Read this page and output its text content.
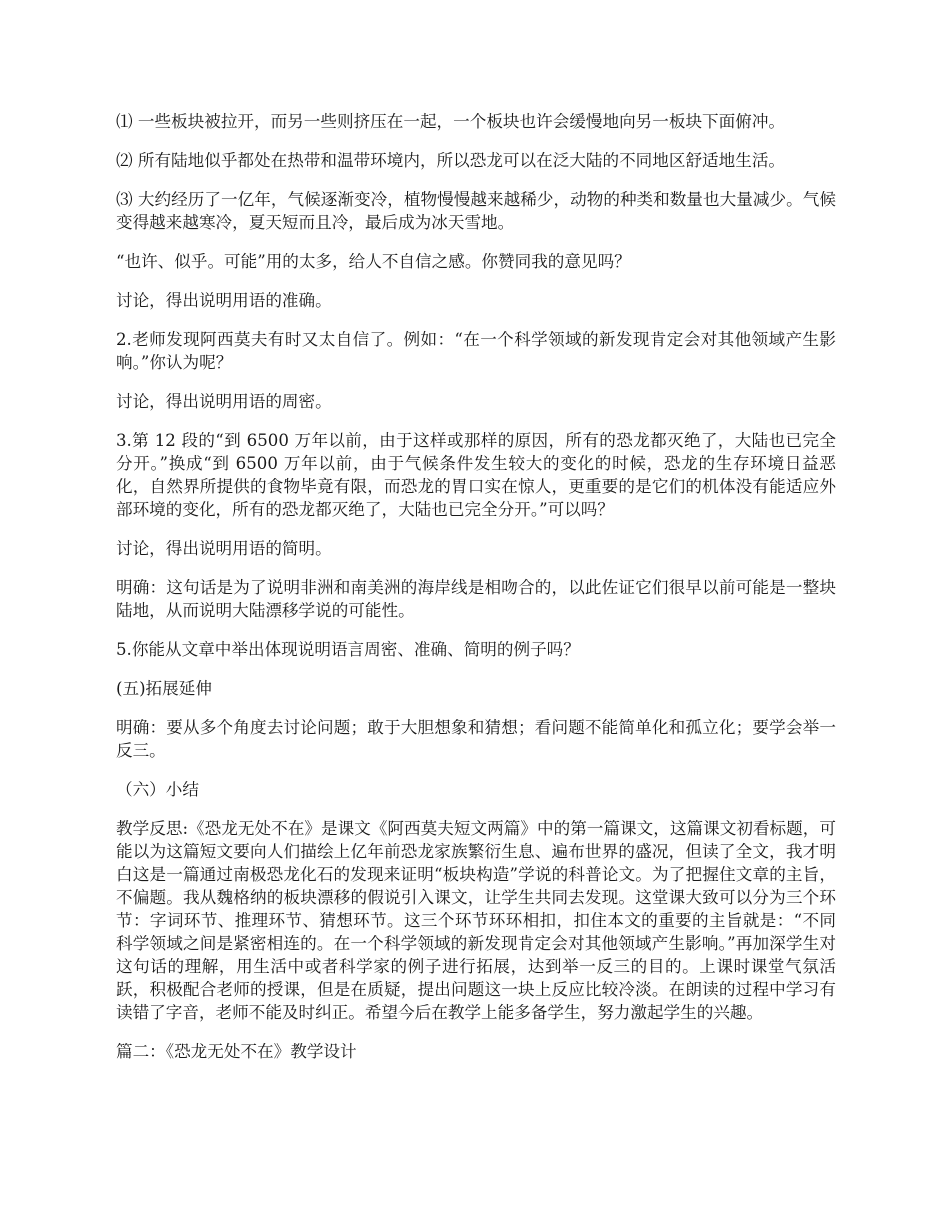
⑴ 一些板块被拉开，而另一些则挤压在一起，一个板块也许会缓慢地向另一板块下面俯冲。

⑵ 所有陆地似乎都处在热带和温带环境内，所以恐龙可以在泛大陆的不同地区舒适地生活。

⑶ 大约经历了一亿年，气候逐渐变冷，植物慢慢越来越稀少，动物的种类和数量也大量减少。气候变得越来越寒冷，夏天短而且冷，最后成为冰天雪地。

“也许、似乎。可能”用的太多，给人不自信之感。你赞同我的意见吗？

讨论，得出说明用语的准确。

2.老师发现阿西莫夫有时又太自信了。例如：“在一个科学领域的新发现肯定会对其他领域产生影响。”你认为呢？

讨论，得出说明用语的周密。

3.第 12 段的“到 6500 万年以前，由于这样或那样的原因，所有的恐龙都灭绝了，大陆也已完全分开。”换成“到 6500 万年以前，由于气候条件发生较大的变化的时候，恐龙的生存环境日益恶化，自然界所提供的食物毕竟有限，而恐龙的胃口实在惊人，更重要的是它们的机体没有能适应外部环境的变化，所有的恐龙都灭绝了，大陆也已完全分开。”可以吗？

讨论，得出说明用语的简明。

明确：这句话是为了说明非洲和南美洲的海岸线是相吻合的，以此佐证它们很早以前可能是一整块陆地，从而说明大陆漂移学说的可能性。

5.你能从文章中举出体现说明语言周密、准确、简明的例子吗？

(五)拓展延伸

明确：要从多个角度去讨论问题；敢于大胆想象和猜想；看问题不能简单化和孤立化；要学会举一反三。

（六）小结

教学反思:《恐龙无处不在》是课文《阿西莫夫短文两篇》中的第一篇课文，这篇课文初看标题，可能以为这篇短文要向人们描绘上亿年前恐龙家族繁衍生息、遍布世界的盛况，但读了全文，我才明白这是一篇通过南极恐龙化石的发现来证明“板块构造”学说的科普论文。为了把握住文章的主旨，不偏题。我从魏格纳的板块漂移的假说引入课文，让学生共同去发现。这堂课大致可以分为三个环节：字词环节、推理环节、猜想环节。这三个环节环环相扣，扣住本文的重要的主旨就是：“不同科学领域之间是紧密相连的。在一个科学领域的新发现肯定会对其他领域产生影响。”再加深学生对这句话的理解，用生活中或者科学家的例子进行拓展，达到举一反三的目的。上课时课堂气氛活跃，积极配合老师的授课，但是在质疑，提出问题这一块上反应比较冷淡。在朗读的过程中学习有读错了字音，老师不能及时纠正。希望今后在教学上能多备学生，努力激起学生的兴趣。

篇二：《恐龙无处不在》教学设计
